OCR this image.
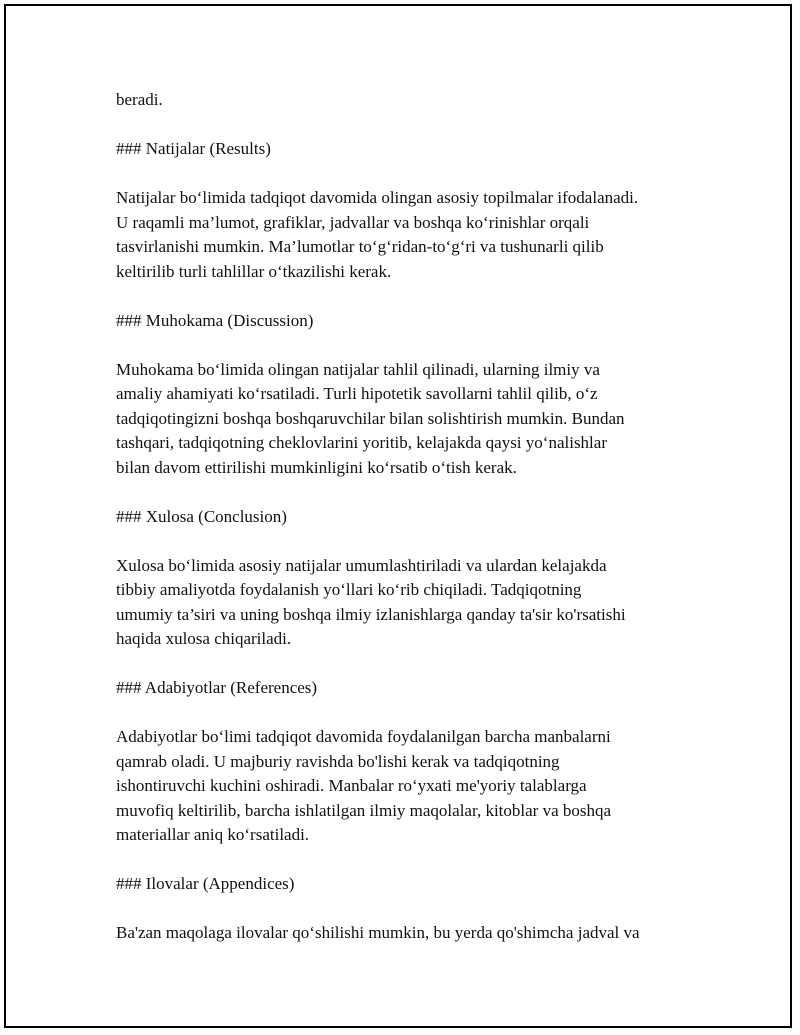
beradi.
### Natijalar (Results)
Natijalar bo‘limida tadqiqot davomida olingan asosiy topilmalar ifodalanadi.
U raqamli ma’lumot, grafiklar, jadvallar va boshqa ko‘rinishlar orqali
tasvirlanishi mumkin. Ma’lumotlar to‘g‘ridan-to‘g‘ri va tushunarli qilib
keltirilib turli tahlillar o‘tkazilishi kerak.
### Muhokama (Discussion)
Muhokama bo‘limida olingan natijalar tahlil qilinadi, ularning ilmiy va
amaliy ahamiyati ko‘rsatiladi. Turli hipotetik savollarni tahlil qilib, o‘z
tadqiqotingizni boshqa boshqaruvchilar bilan solishtirish mumkin. Bundan
tashqari, tadqiqotning cheklovlarini yoritib, kelajakda qaysi yo‘nalishlar
bilan davom ettirilishi mumkinligini ko‘rsatib o‘tish kerak.
### Xulosa (Conclusion)
Xulosa bo‘limida asosiy natijalar umumlashtiriladi va ulardan kelajakda
tibbiy amaliyotda foydalanish yo‘llari ko‘rib chiqiladi. Tadqiqotning
umumiy ta’siri va uning boshqa ilmiy izlanishlarga qanday ta'sir ko'rsatishi
haqida xulosa chiqariladi.
### Adabiyotlar (References)
Adabiyotlar bo‘limi tadqiqot davomida foydalanilgan barcha manbalarni
qamrab oladi. U majburiy ravishda bo'lishi kerak va tadqiqotning
ishontiruvchi kuchini oshiradi. Manbalar ro‘yxati me'yoriy talablarga
muvofiq keltirilib, barcha ishlatilgan ilmiy maqolalar, kitoblar va boshqa
materiallar aniq ko‘rsatiladi.
### Ilovalar (Appendices)
Ba'zan maqolaga ilovalar qo‘shilishi mumkin, bu yerda qo'shimcha jadval va
